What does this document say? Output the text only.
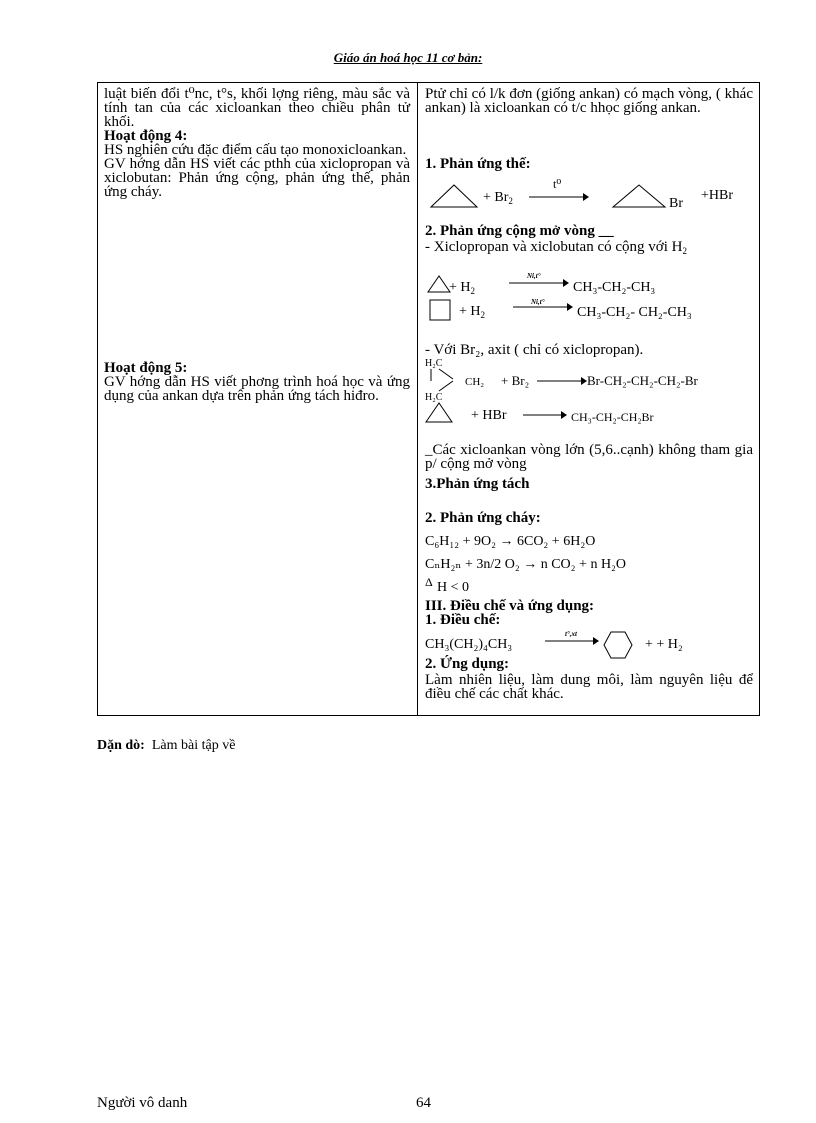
Giáo án hoá học 11 cơ bản:
luật biến đổi t⁰nc, t°s, khối lợng riêng, màu sắc và tính tan của các xicloankan theo chiều phân tử khối.
Hoạt động 4:
HS nghiên cứu đặc điểm cấu tạo monoxicloankan.
GV hớng dẫn HS viết các pthh của xiclopropan và xiclobutan: Phản ứng cộng, phản ứng thế, phản ứng cháy.
Hoạt động 5:
GV hớng dẫn HS viết phơng trình hoá học và ứng dụng của ankan dựa trên phản ứng tách hiđro.
Ptử chỉ có l/k đơn (giống ankan) có mạch vòng, ( khác ankan) là xicloankan có t/c hhọc giống ankan.
1. Phản ứng thế:
+ $Br_2$
t⁰
Br
+HBr
2. Phản ứng cộng mở vòng __
- Xiclopropan và xiclobutan có cộng với $H_2$
+ $H_2$
Ni,t°
CH₃-CH₂-CH₃
+ $H_2$
Ni,t°
CH₃-CH₂- CH₂-CH₃
- Với Br₂, axit ( chỉ có xiclopropan).
H₂C
CH₂ + Br₂	Br-CH₂-CH₂-CH₂-Br
H₂C
+ HBr → CH₃-CH₂-CH₂Br
_Các xicloankan vòng lớn (5,6..cạnh) không tham gia p/ cộng mở vòng
3.Phản ứng tách
2. Phản ứng cháy:
C₆H₁₂ + 9O₂ → 6CO₂ + 6H₂O
CₙH₂ₙ + 3n/2 O₂ → n CO₂ + n H₂O
Δ H < 0
III. Điều chế và ứng dụng:
1. Điều chế:
CH₃(CH₂)₄CH₃
t°,xt
+ + H₂
2. Ứng dụng:
Làm nhiên liệu, làm dung môi, làm nguyên liệu để điều chế các chất khác.
Dặn dò: Làm bài tập về
Người vô danh	64
